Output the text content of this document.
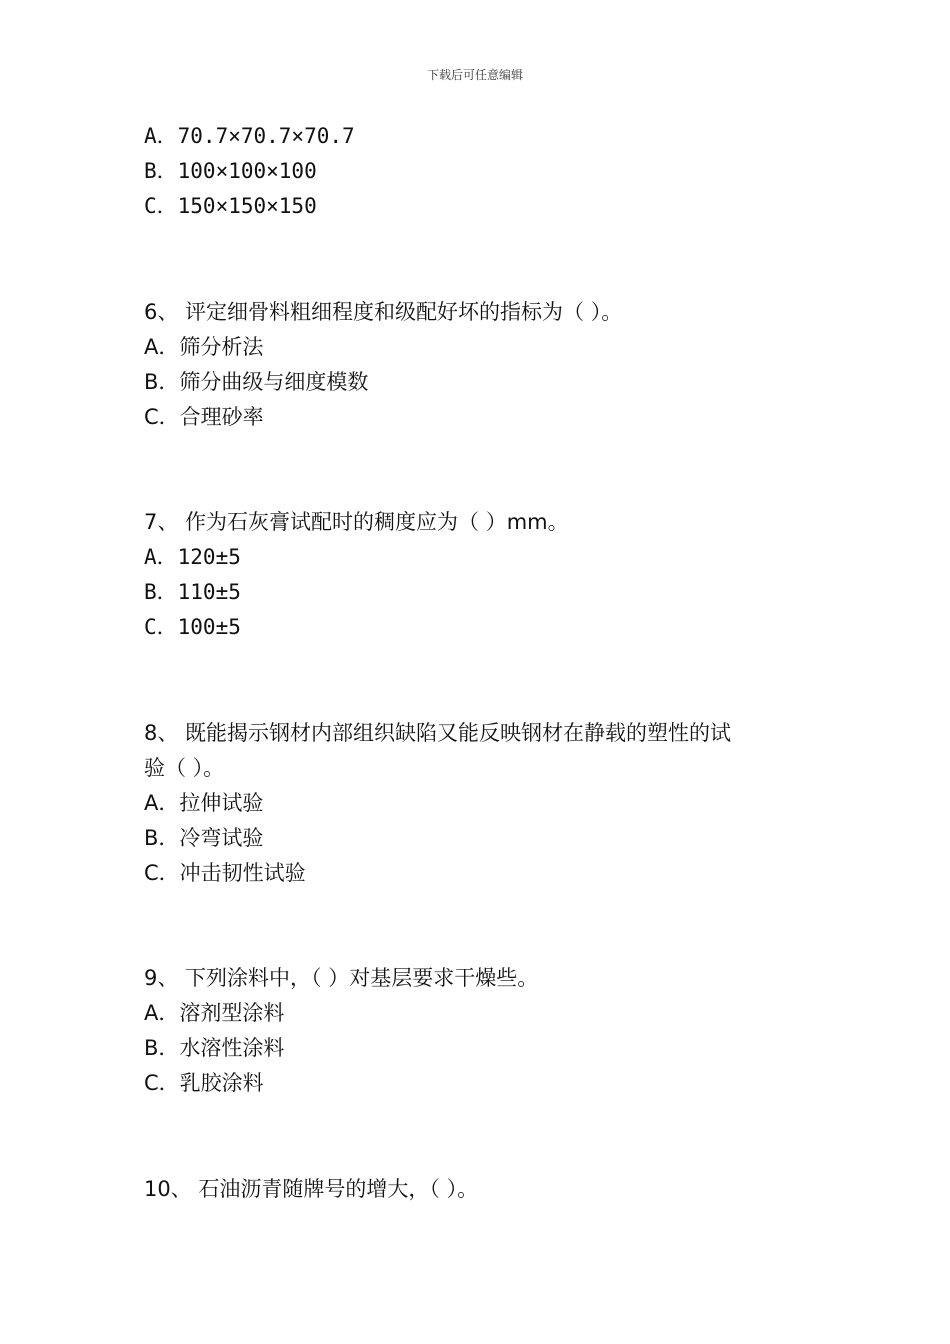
下载后可任意编辑
A．70.7×70.7×70.7
B．100×100×100
C．150×150×150
6、 评定细骨料粗细程度和级配好坏的指标为（ ）。
A．筛分析法
B．筛分曲级与细度模数
C．合理砂率
7、 作为石灰膏试配时的稠度应为（ ）mm。
A．120±5
B．110±5
C．100±5
8、 既能揭示钢材内部组织缺陷又能反映钢材在静载的塑性的试
验（ ）。
A．拉伸试验
B．冷弯试验
C．冲击韧性试验
9、 下列涂料中，（ ）对基层要求干燥些。
A．溶剂型涂料
B．水溶性涂料
C．乳胶涂料
10、 石油沥青随牌号的增大，（ ）。
